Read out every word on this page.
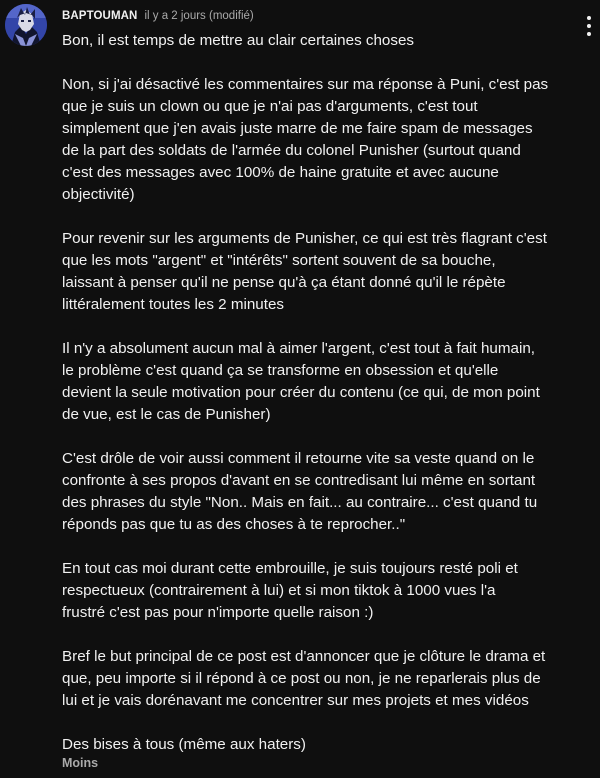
BAPTOUMAN il y a 2 jours (modifié)

Bon, il est temps de mettre au clair certaines choses

Non, si j'ai désactivé les commentaires sur ma réponse à Puni, c'est pas
que je suis un clown ou que je n'ai pas d'arguments, c'est tout
simplement que j'en avais juste marre de me faire spam de messages
de la part des soldats de l'armée du colonel Punisher (surtout quand
c'est des messages avec 100% de haine gratuite et avec aucune
objectivité)

Pour revenir sur les arguments de Punisher, ce qui est très flagrant c'est
que les mots "argent" et "intérêts" sortent souvent de sa bouche,
laissant à penser qu'il ne pense qu'à ça étant donné qu'il le répète
littéralement toutes les 2 minutes

Il n'y a absolument aucun mal à aimer l'argent, c'est tout à fait humain,
le problème c'est quand ça se transforme en obsession et qu'elle
devient la seule motivation pour créer du contenu (ce qui, de mon point
de vue, est le cas de Punisher)

C'est drôle de voir aussi comment il retourne vite sa veste quand on le
confronte à ses propos d'avant en se contredisant lui même en sortant
des phrases du style "Non.. Mais en fait... au contraire... c'est quand tu
réponds pas que tu as des choses à te reprocher.."

En tout cas moi durant cette embrouille, je suis toujours resté poli et
respectueux (contrairement à lui) et si mon tiktok à 1000 vues l'a
frustré c'est pas pour n'importe quelle raison :)

Bref le but principal de ce post est d'annoncer que je clôture le drama et
que, peu importe si il répond à ce post ou non, je ne reparlerais plus de
lui et je vais dorénavant me concentrer sur mes projets et mes vidéos

Des bises à tous (même aux haters)

Moins
